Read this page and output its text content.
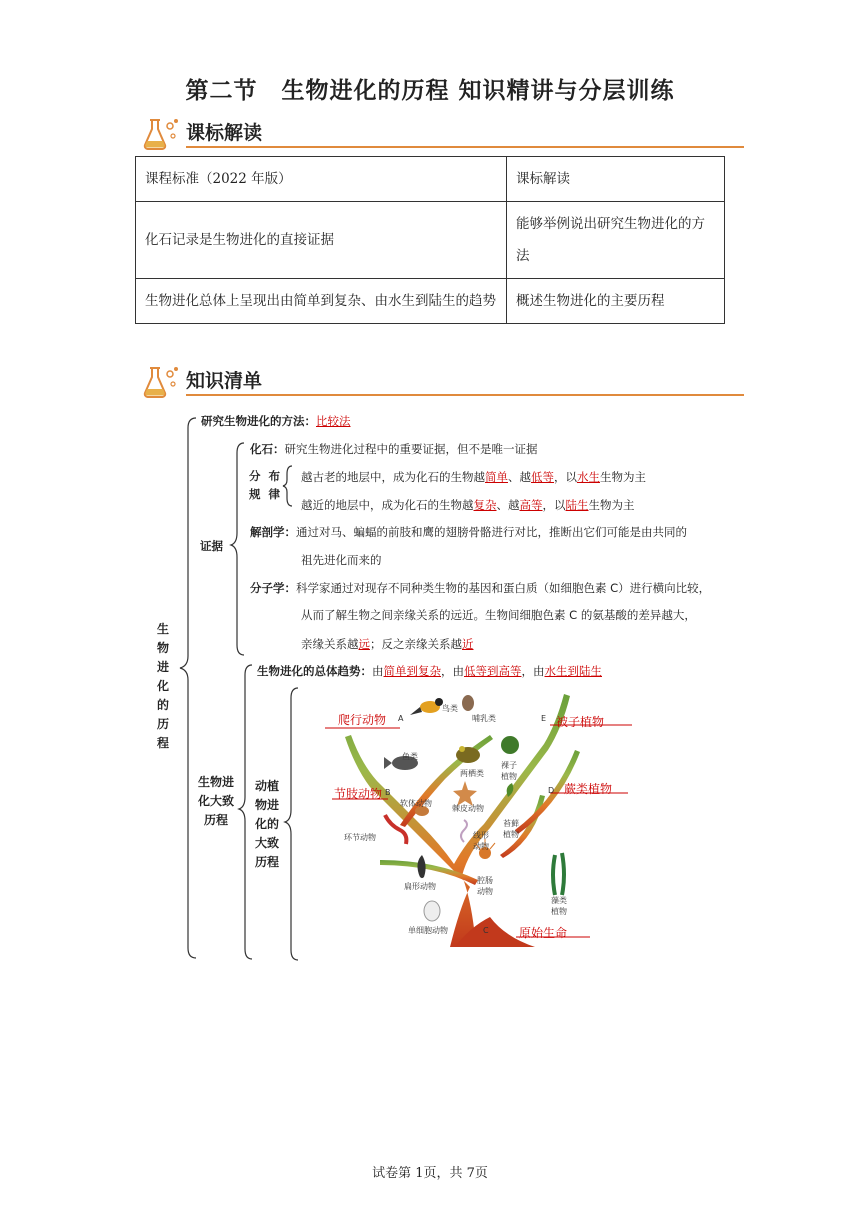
第二节　生物进化的历程 知识精讲与分层训练
课标解读
课程标准（2022 年版）	课标解读
化石记录是生物进化的直接证据	能够举例说出研究生物进化的方法
生物进化总体上呈现出由简单到复杂、由水生到陆生的趋势	概述生物进化的主要历程
知识清单
生物进化的历程
研究生物进化的方法：比较法
证据
化石：研究生物进化过程中的重要证据，但不是唯一证据
分 布 规 律
越古老的地层中，成为化石的生物越简单、越低等，以水生生物为主
越近的地层中，成为化石的生物越复杂、越高等，以陆生生物为主
解剖学：通过对马、蝙蝠的前肢和鹰的翅膀骨骼进行对比，推断出它们可能是由共同的
祖先进化而来的
分子学：科学家通过对现存不同种类生物的基因和蛋白质（如细胞色素 C）进行横向比较，
从而了解生物之间亲缘关系的远近。生物间细胞色素 C 的氨基酸的差异越大，
亲缘关系越远；反之亲缘关系越近
生物进化大致历程
生物进化的总体趋势：由简单到复杂，由低等到高等，由水生到陆生
动植物进化的大致历程
爬行动物
节肢动物
被子植物
蕨类植物
原始生命
A
B
C
D
E
鸟类
哺乳类
鱼类
两栖类
裸子植物
软体动物
棘皮动物
环节动物
苔藓植物
线形动物
腔肠动物
扁形动物
藻类植物
单细胞动物
试卷第 1页，共 7页
